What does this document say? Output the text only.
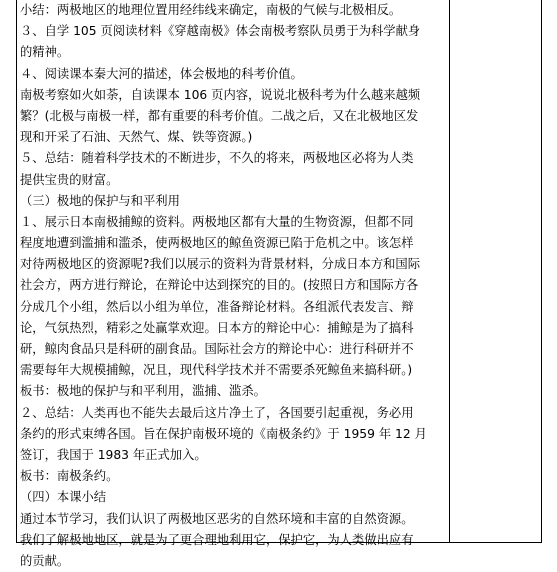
小结：两极地区的地理位置用经纬线来确定，南极的气候与北极相反。
３、自学 105 页阅读材料《穿越南极》体会南极考察队员勇于为科学献身
的精神。
４、阅读课本秦大河的描述，体会极地的科考价值。
南极考察如火如荼，自读课本 106 页内容，说说北极科考为什么越来越频
繁？(北极与南极一样，都有重要的科考价值。二战之后，又在北极地区发
现和开采了石油、天然气、煤、铁等资源。)
５、总结：随着科学技术的不断进步，不久的将来，两极地区必将为人类
提供宝贵的财富。
（三）极地的保护与和平利用
１、展示日本南极捕鲸的资料。两极地区都有大量的生物资源，但都不同
程度地遭到滥捕和滥杀，使两极地区的鲸鱼资源已陷于危机之中。该怎样
对待两极地区的资源呢?我们以展示的资料为背景材料，分成日本方和国际
社会方，两方进行辩论，在辩论中达到探究的目的。(按照日方和国际方各
分成几个小组，然后以小组为单位，准备辩论材料。各组派代表发言、辩
论，气氛热烈，精彩之处赢掌欢迎。日本方的辩论中心：捕鲸是为了搞科
研，鲸肉食品只是科研的副食品。国际社会方的辩论中心：进行科研并不
需要每年大规模捕鲸，况且，现代科学技术并不需要杀死鲸鱼来搞科研。)
板书：极地的保护与和平利用，滥捕、滥杀。
２、总结：人类再也不能失去最后这片净土了，各国要引起重视，务必用
条约的形式束缚各国。旨在保护南极环境的《南极条约》于 1959 年 12 月
签订，我国于 1983 年正式加入。
板书：南极条约。
（四）本课小结
通过本节学习，我们认识了两极地区恶劣的自然环境和丰富的自然资源。
我们了解极地地区，就是为了更合理地利用它，保护它，为人类做出应有
的贡献。
